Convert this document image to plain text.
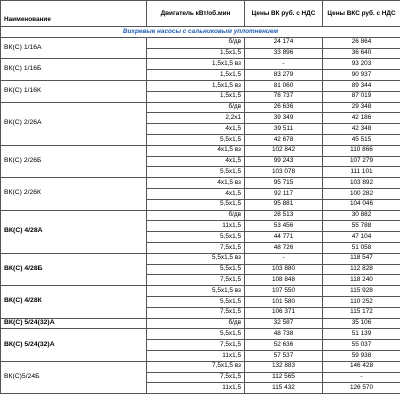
Наименование	Двигатель кВт/об.мин	Цены ВК руб. с НДС	Цены ВКС руб. с НДС
Вихревые насосы с сальниковым уплотнением			
ВК(С) 1/16А	б/дв	24 174	26 864
	1,5х1,5	33 896	36 640
ВК(С) 1/16Б	1,5х1,5 вз	-	93 203
	1,5х1,5	83 279	90 937
ВК(С) 1/16К	1,5х1,5 вз	81 060	89 344
	1,5х1,5	78 737	87 019
ВК(С) 2/26А	б/дв	26 636	29 348
	2,2х1	39 349	42 186
	4х1,5	39 511	42 348
	5,5х1,5	42 678	45 515
ВК(С) 2/26Б	4х1,5 вз	102 842	110 866
	4х1,5	99 243	107 279
	5,5х1,5	103 078	111 101
ВК(С) 2/26К	4х1,5 вз	95 715	103 892
	4х1,5	92 117	100 282
	5,5х1,5	95 881	104 046
ВК(С) 4/28А	б/дв	28 513	30 882
	11х1,5	53 456	55 788
	5,5х1,5	44 771	47 104
	7,5х1,5	48 726	51 058
ВК(С) 4/28Б	5,5х1,5 вз	-	118 547
	5,5х1,5	103 880	112 828
	7,5х1,5	108 848	118 240
ВК(С) 4/28К	5,5х1,5 вз	107 550	115 928
	5,5х1,5	101 580	110 252
	7,5х1,5	106 371	115 172
ВК(С) 5/24(32)А	б/дв	32 587	35 106
ВК(С) 5/24(32)А	5,5х1,5	48 738	51 139
	7,5х1,5	52 636	55 037
	11х1,5	57 537	59 938
ВК(С)5/24Б	7,5х1,5 вз	132 883	146 428
	7,5х1,5	112 565	-
	11х1,5	115 432	126 570
